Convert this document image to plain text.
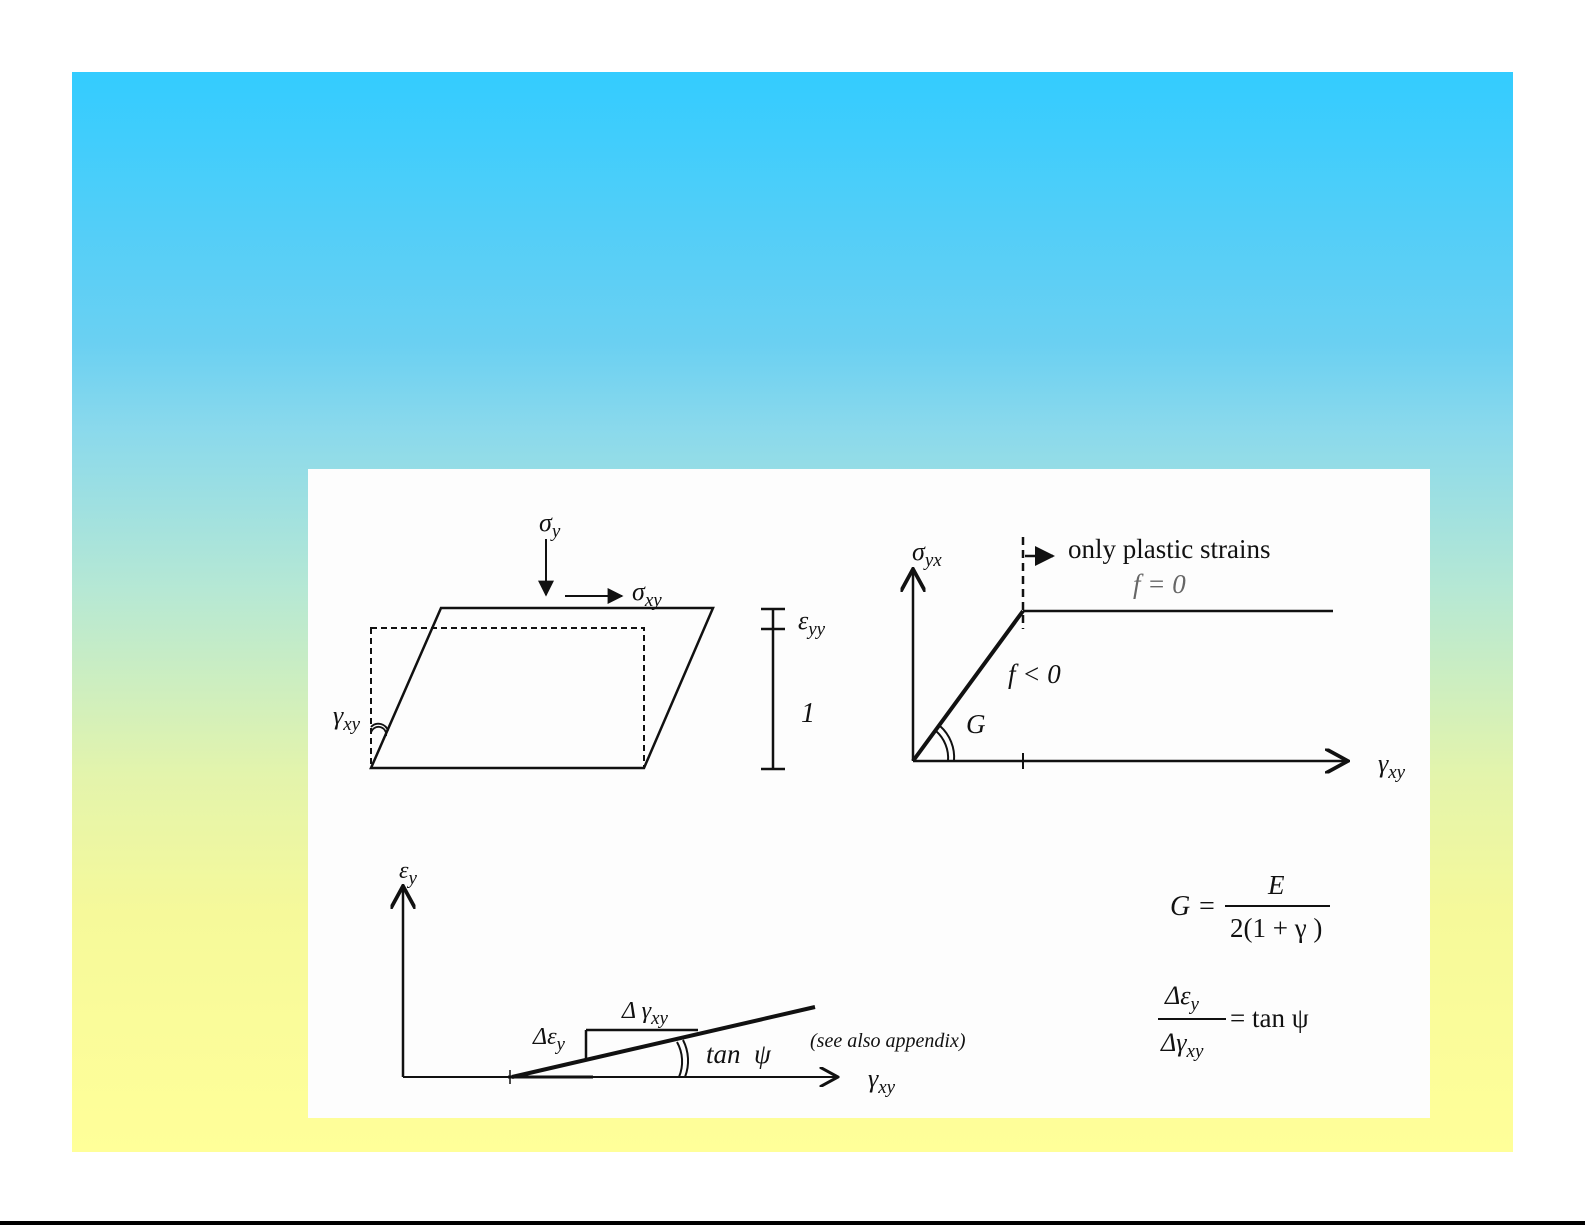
$\sigma_y$
$\sigma_{xy}$
$\gamma_{xy}$
$\varepsilon_{yy}$
1
$\sigma_{yx}$
$\gamma_{xy}$
only plastic strains
f = 0
f < 0
G
$\varepsilon_y$
$\gamma_{xy}$
Δ $\gamma_{xy}$
$\Delta\varepsilon_y$	tan  ψ (see also appendix)
G =
E
2(1 + γ )
$\Delta\varepsilon_y$
$\Delta\gamma_{xy}$
= tan ψ
